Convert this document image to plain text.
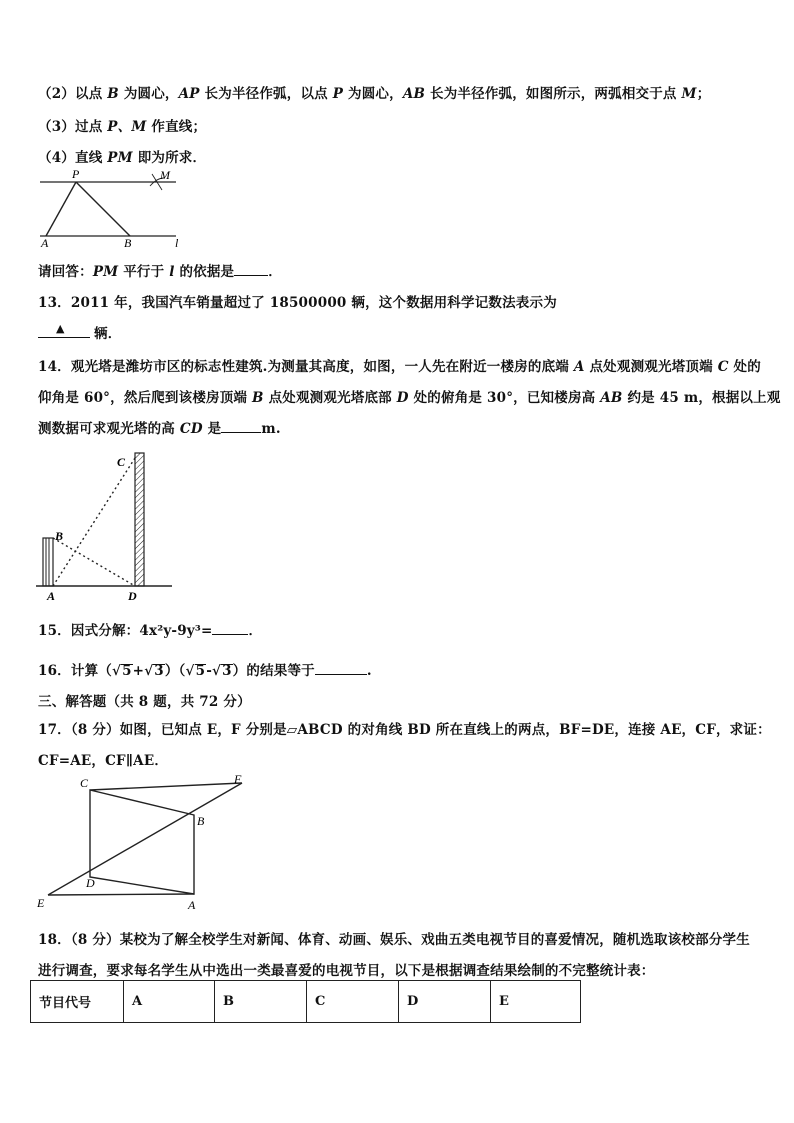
（2）以点 B 为圆心，AP 长为半径作弧，以点 P 为圆心，AB 长为半径作弧，如图所示，两弧相交于点 M；
（3）过点 P、M 作直线；
（4）直线 PM 即为所求．
P	M
A	B	l
请回答：PM 平行于 l 的依据是	．
13．2011 年，我国汽车销量超过了 18500000 辆，这个数据用科学记数法表示为
▲ 辆．
14．观光塔是潍坊市区的标志性建筑.为测量其高度，如图，一人先在附近一楼房的底端 A 点处观测观光塔顶端 C 处的
仰角是 60°，然后爬到该楼房顶端 B 点处观测观光塔底部 D 处的俯角是 30°，已知楼房高 AB 约是 45 m，根据以上观
测数据可求观光塔的高 CD 是	m.
C
B
A	D
15．因式分解：4x²y-9y³=	．
16．计算（√5+√3）（√5-√3）的结果等于	.
三、解答题（共 8 题，共 72 分）
17．（8 分）如图，已知点 E，F 分别是▱ABCD 的对角线 BD 所在直线上的两点，BF=DE，连接 AE，CF，求证：
CF=AE，CF∥AE．
C	F
B
D
E	A
18．（8 分）某校为了解全校学生对新闻、体育、动画、娱乐、戏曲五类电视节目的喜爱情况，随机选取该校部分学生
进行调查，要求每名学生从中选出一类最喜爱的电视节目，以下是根据调查结果绘制的不完整统计表：
节目代号	A	B	C	D	E
